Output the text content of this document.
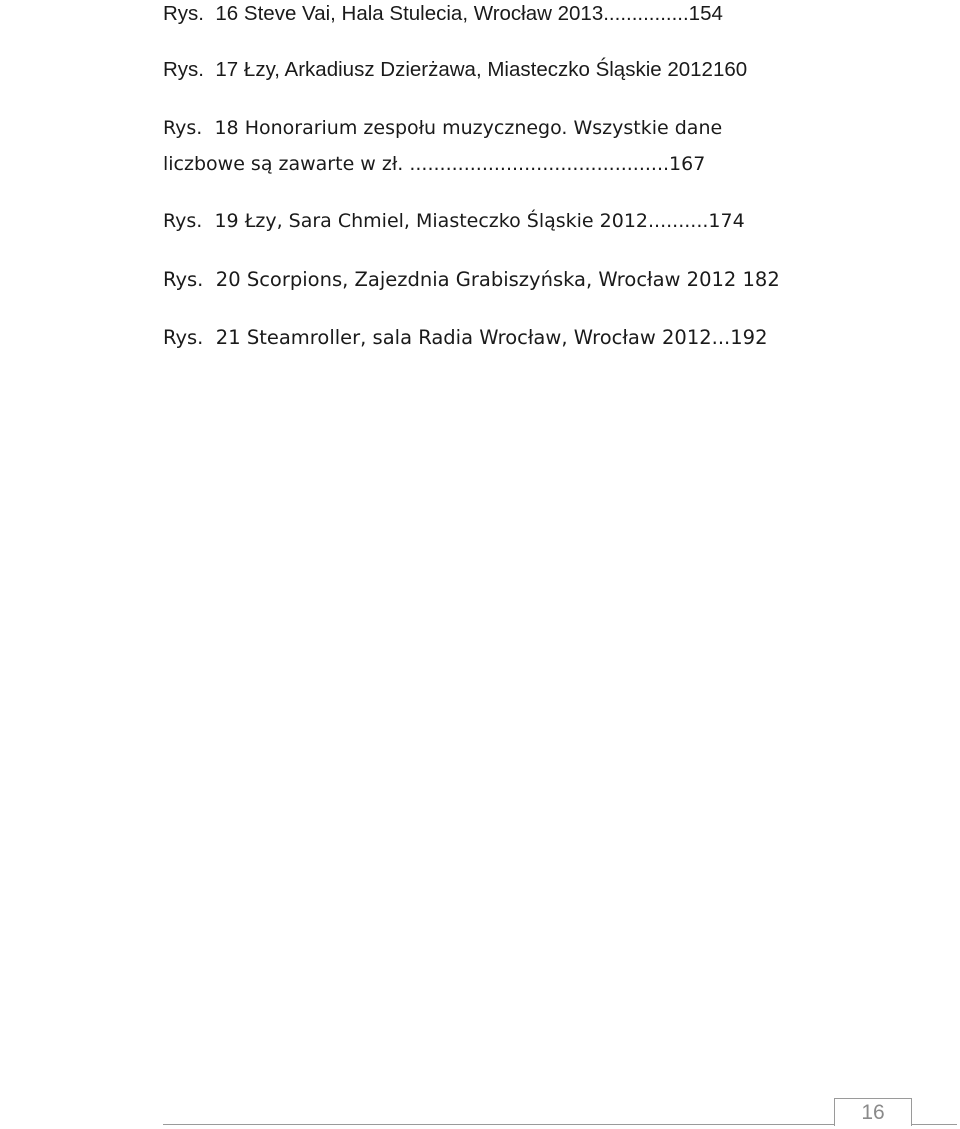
Rys. 16 Steve Vai, Hala Stulecia, Wrocław 2013...............154
Rys. 17 Łzy, Arkadiusz Dzierżawa, Miasteczko Śląskie 2012160
Rys. 18 Honorarium zespołu muzycznego. Wszystkie dane
liczbowe są zawarte w zł. ...........................................167
Rys. 19 Łzy, Sara Chmiel, Miasteczko Śląskie 2012..........174
Rys. 20 Scorpions, Zajezdnia Grabiszyńska, Wrocław 2012 182
Rys. 21 Steamroller, sala Radia Wrocław, Wrocław 2012...192
16
